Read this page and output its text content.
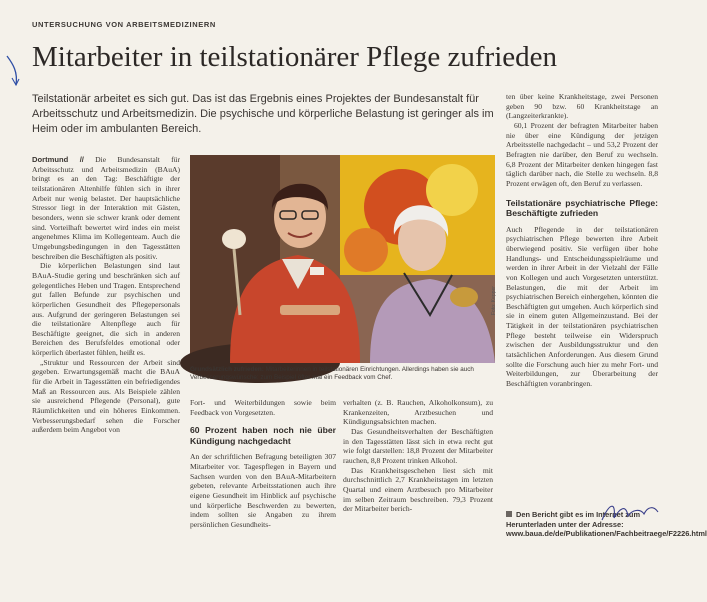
UNTERSUCHUNG VON ARBEITSMEDIZINERN
Mitarbeiter in teilstationärer Pflege zufrieden
Teilstationär arbeitet es sich gut. Das ist das Ergebnis eines Projektes der Bundesanstalt für Arbeitsschutz und Arbeitsmedizin. Die psychische und körperliche Belastung ist geringer als im Heim oder im ambulanten Bereich.

Dortmund // Die Bundesanstalt für Arbeitsschutz und Arbeitsmedizin (BAuA) bringt es an den Tag: Beschäftigte der teilstationären Altenhilfe fühlen sich in ihrer Arbeit nur wenig belastet. Der hauptsächliche Stressor liegt in der Interaktion mit Gästen, besonders, wenn sie schwer krank oder dement sind. Vorteilhaft bewertet wird indes ein meist angenehmes Klima im Kollegenteam. Auch die Umgebungsbedingungen in den Tagesstätten beschreiben die Beschäftigten als positiv.

Die körperlichen Belastungen sind laut BAuA-Studie gering und beschränken sich auf gelegentliches Heben und Tragen. Entsprechend gut fallen Befunde zur psychischen und körperlichen Gesundheit des Pflegepersonals aus. Aufgrund der geringeren Belastungen sei die teilstationäre Altenpflege auch für Beschäftigte geeignet, die sich in anderen Bereichen des Berufsfeldes emotional oder körperlich überlastet fühlen, heißt es.

„Struktur und Ressourcen der Arbeit sind gegeben. Erwartungsgemäß macht die BAuA für die Arbeit in Tagesstätten ein befriedigendes Maß an Ressourcen aus. Als Beispiele zählen sie ausreichend Pflegende (Personal), gute Räumlichkeiten und ein höheres Einkommen. Verbesserungsbedarf sehen die Forscher außerdem beim Angebot von

Foto: Kepper
Grundsätzlich zufrieden: Mitarbeiterinnen in teilstationären Einrichtungen. Allerdings haben sie auch Verbesserungswünsche: zum Beispiel öfter mal ein Feedback vom Chef.

Fort- und Weiterbildungen sowie beim Feedback von Vorgesetzten.

60 Prozent haben noch nie über Kündigung nachgedacht

An der schriftlichen Befragung beteiligten 307 Mitarbeiter vor. Tagespflegen in Bayern und Sachsen wurden von den BAuA-Mitarbeitern gebeten, relevante Arbeitsstationen auch ihre eigene Gesundheit im Hinblick auf psychische und körperliche Beschwerden zu bewerten, indem sollten sie Angaben zu ihrem persönlichen Gesundheits-

verhalten (z. B. Rauchen, Alkoholkonsum), zu Krankenzeiten, Arztbesuchen und Kündigungsabsichten machen.

Das Gesundheitsverhalten der Beschäftigten in den Tagesstätten lässt sich in etwa recht gut wie folgt darstellen: 18,8 Prozent der Mitarbeiter rauchen, 8,8 Prozent trinken Alkohol.

Das Krankheitsgeschehen liest sich mit durchschnittlich 2,7 Krankheitstagen im letzten Quartal und einem Arztbesuch pro Mitarbeiter im selben Zeitraum beschreiben. 79,3 Prozent der Mitarbeiter berich-

ten über keine Krankheitstage, zwei Personen geben 90 bzw. 60 Krankheitstage an (Langzeiterkrankte).

60,1 Prozent der befragten Mitarbeiter haben nie über eine Kündigung der jetzigen Arbeitsstelle nachgedacht – und 53,2 Prozent der Befragten nie darüber, den Beruf zu wechseln. 6,8 Prozent der Mitarbeiter denken hingegen fast täglich darüber nach, die Stelle zu wechseln. 8,8 Prozent erwägen oft, den Beruf zu verlassen.

Teilstationäre psychiatrische Pflege: Beschäftigte zufrieden

Auch Pflegende in der teilstationären psychiatrischen Pflege bewerten ihre Arbeit überwiegend positiv. Sie verfügen über hohe Handlungs- und Entscheidungsspielräume und werden in ihrer Arbeit in der Vielzahl der Fälle von Kollegen und auch Vorgesetzten unterstützt. Belastungen, die mit der Arbeit im psychiatrischen Bereich einhergehen, könnten die Beschäftigten gut umgehen. Auch körperlich sind sie in einem guten Allgemeinzustand. Bei der Tätigkeit in der teilstationären psychiatrischen Pflege besteht teilweise ein Widerspruch zwischen der Ausbildungsstruktur und den tatsächlichen Anforderungen. Aus diesem Grund sollte die Forschung auch hier zu mehr Fort- und Weiterbildungen, zur Überarbeitung der Beschäftigten voranbringen.

Den Bericht gibt es im Internet zum Herunterladen unter der Adresse: www.baua.de/de/Publikationen/Fachbeitraege/F2226.html
